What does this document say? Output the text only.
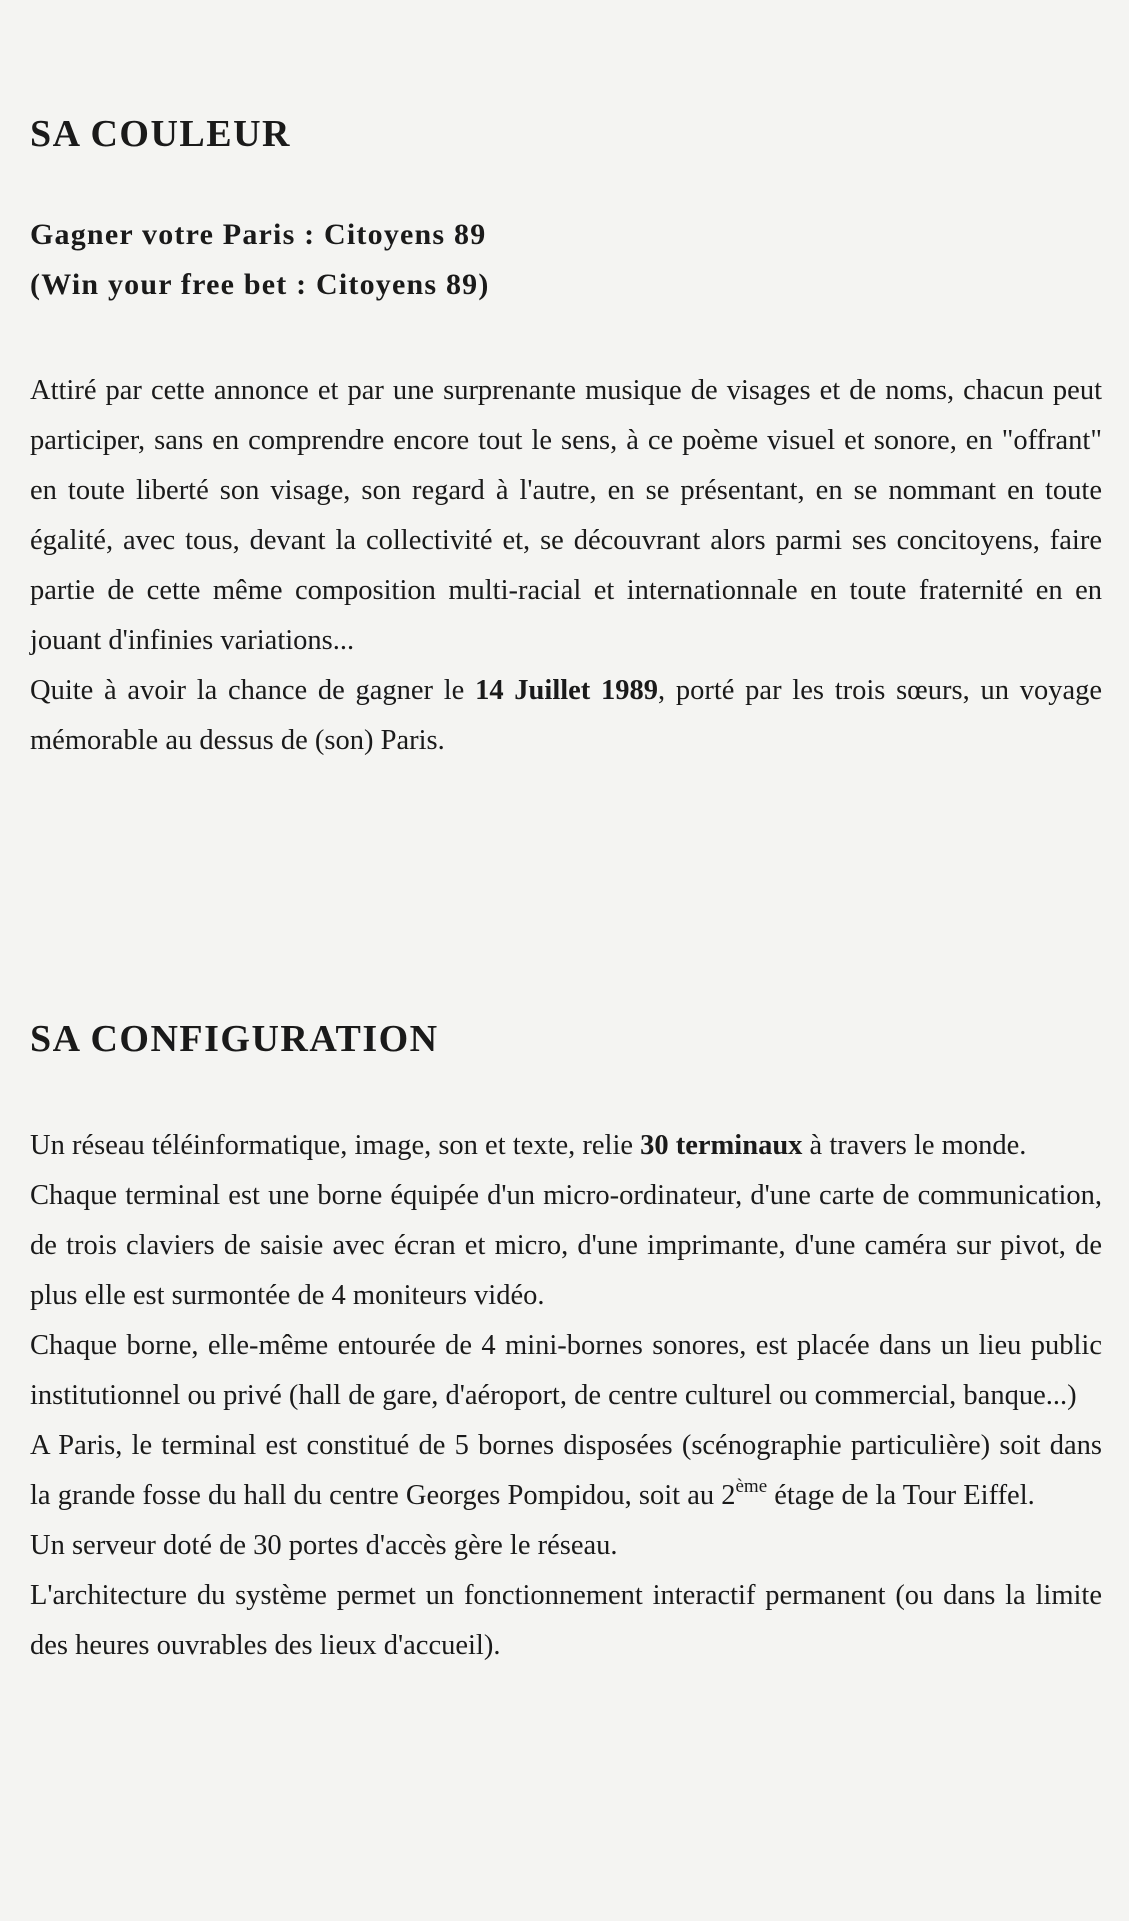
SA COULEUR

Gagner votre Paris : Citoyens 89

(Win your free bet : Citoyens 89)

Attiré par cette annonce et par une surprenante musique de visages et de noms, chacun peut participer, sans en comprendre encore tout le sens, à ce poème visuel et sonore, en "offrant" en toute liberté son visage, son regard à l'autre, en se présentant, en se nommant en toute égalité, avec tous, devant la collectivité et, se découvrant alors parmi ses concitoyens, faire partie de cette même composition multi-racial et internationnale en toute fraternité en en jouant d'infinies variations...

Quite à avoir la chance de gagner le 14 Juillet 1989, porté par les trois sœurs, un voyage mémorable au dessus de (son) Paris.

SA CONFIGURATION

Un réseau téléinformatique, image, son et texte, relie 30 terminaux à travers le monde.

Chaque terminal est une borne équipée d'un micro-ordinateur, d'une carte de communication, de trois claviers de saisie avec écran et micro, d'une imprimante, d'une caméra sur pivot, de plus elle est surmontée de 4 moniteurs vidéo.

Chaque borne, elle-même entourée de 4 mini-bornes sonores, est placée dans un lieu public institutionnel ou privé (hall de gare, d'aéroport, de centre culturel ou commercial, banque...)

A Paris, le terminal est constitué de 5 bornes disposées (scénographie particulière) soit dans la grande fosse du hall du centre Georges Pompidou, soit au 2ème étage de la Tour Eiffel.

Un serveur doté de 30 portes d'accès gère le réseau.

L'architecture du système permet un fonctionnement interactif permanent (ou dans la limite des heures ouvrables des lieux d'accueil).
